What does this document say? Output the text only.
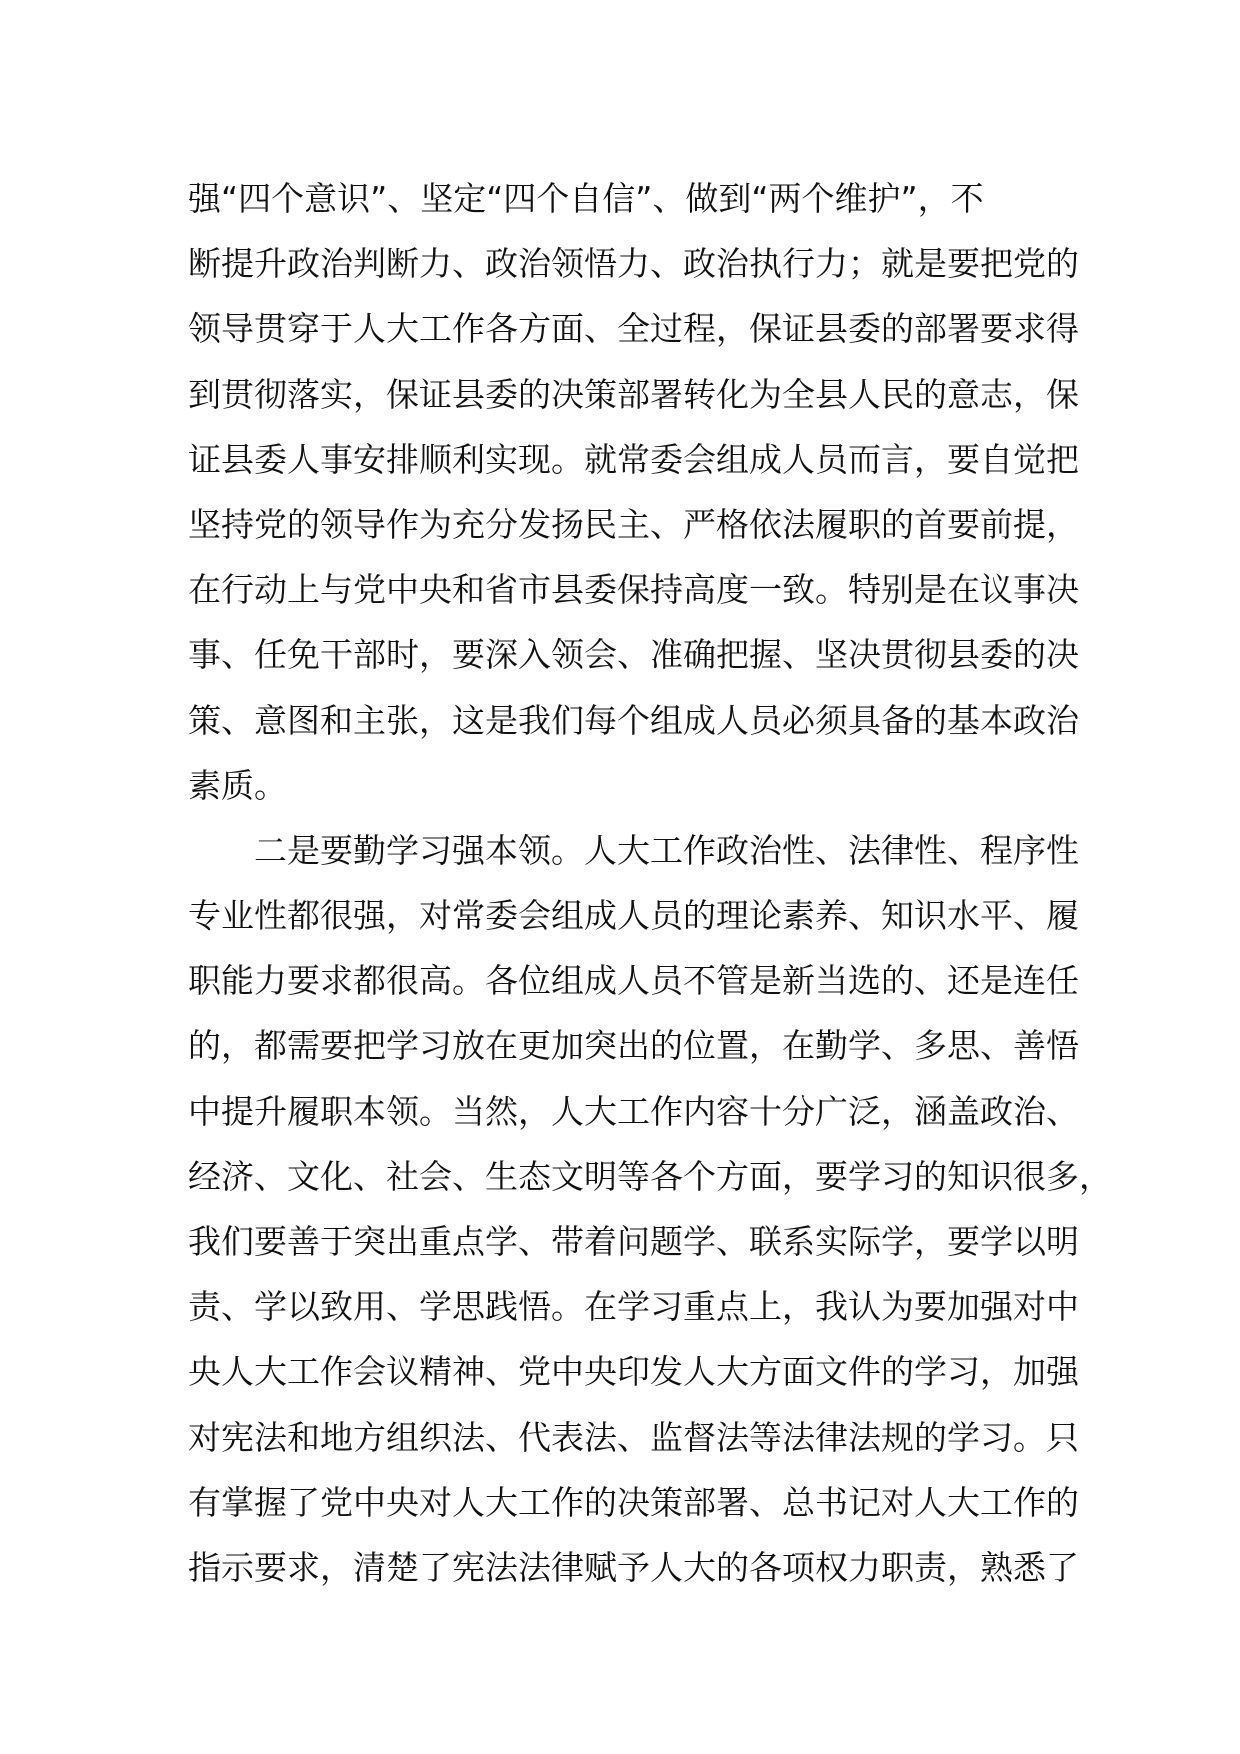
强“四个意识”、坚定“四个自信”、做到“两个维护”，不
断提升政治判断力、政治领悟力、政治执行力；就是要把党的
领导贯穿于人大工作各方面、全过程，保证县委的部署要求得
到贯彻落实，保证县委的决策部署转化为全县人民的意志，保
证县委人事安排顺利实现。就常委会组成人员而言，要自觉把
坚持党的领导作为充分发扬民主、严格依法履职的首要前提，
在行动上与党中央和省市县委保持高度一致。特别是在议事决
事、任免干部时，要深入领会、准确把握、坚决贯彻县委的决
策、意图和主张，这是我们每个组成人员必须具备的基本政治
素质。
　　二是要勤学习强本领。人大工作政治性、法律性、程序性
专业性都很强，对常委会组成人员的理论素养、知识水平、履
职能力要求都很高。各位组成人员不管是新当选的、还是连任
的，都需要把学习放在更加突出的位置，在勤学、多思、善悟
中提升履职本领。当然，人大工作内容十分广泛，涵盖政治、
经济、文化、社会、生态文明等各个方面，要学习的知识很多，
我们要善于突出重点学、带着问题学、联系实际学，要学以明
责、学以致用、学思践悟。在学习重点上，我认为要加强对中
央人大工作会议精神、党中央印发人大方面文件的学习，加强
对宪法和地方组织法、代表法、监督法等法律法规的学习。只
有掌握了党中央对人大工作的决策部署、总书记对人大工作的
指示要求，清楚了宪法法律赋予人大的各项权力职责，熟悉了
